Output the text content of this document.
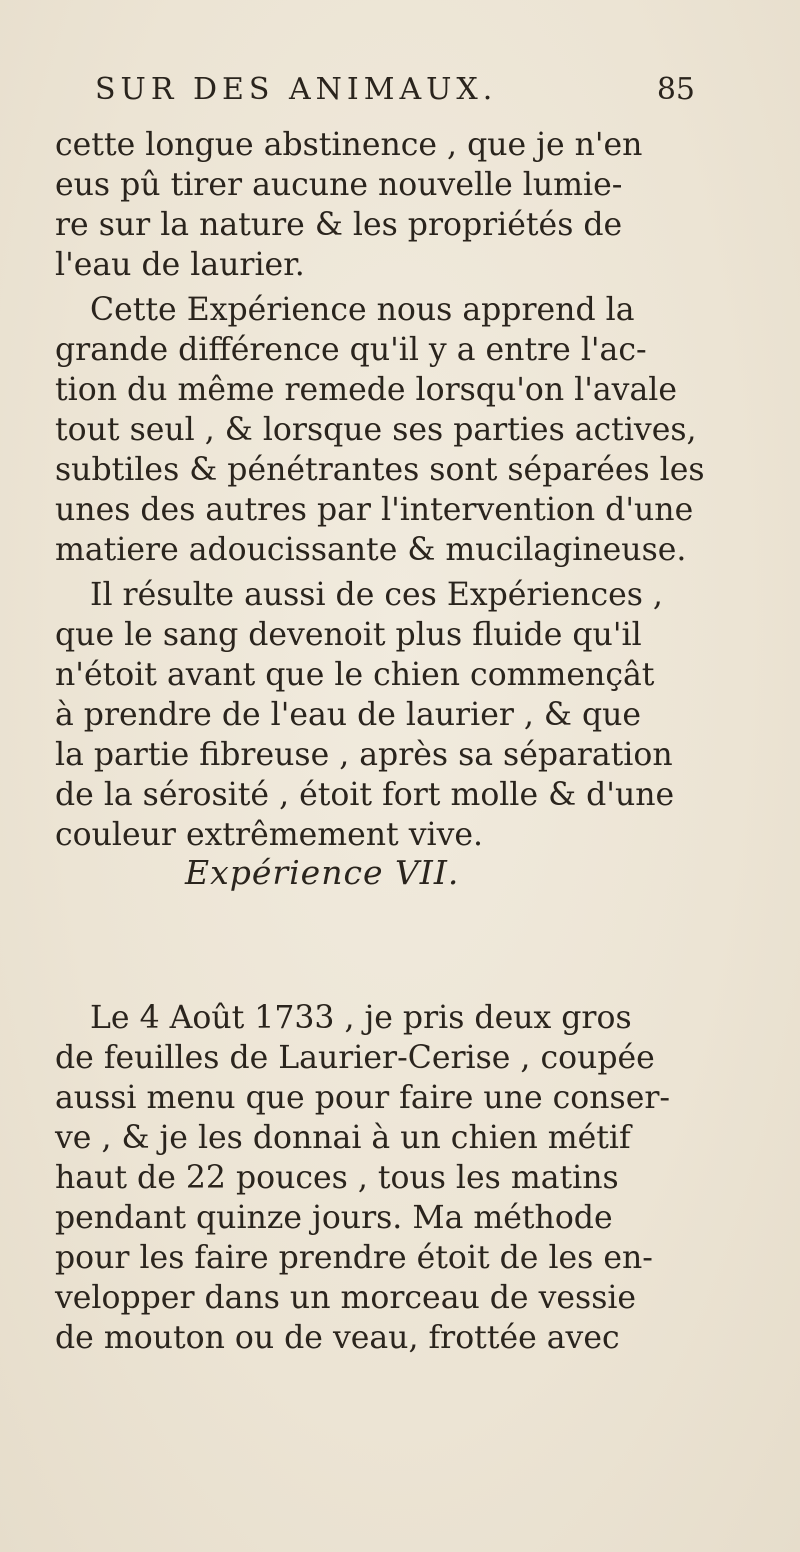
SUR DES ANIMAUX.	85
cette longue abstinence , que je n'en
eus pû tirer aucune nouvelle lumie-
re sur la nature & les propriétés de
l'eau de laurier.
Cette Expérience nous apprend la
grande différence qu'il y a entre l'ac-
tion du même remede lorsqu'on l'avale
tout seul , & lorsque ses parties actives,
subtiles & pénétrantes sont séparées les
unes des autres par l'intervention d'une
matiere adoucissante & mucilagineuse.
Il résulte aussi de ces Expériences ,
que le sang devenoit plus fluide qu'il
n'étoit avant que le chien commençât
à prendre de l'eau de laurier , & que
la partie fibreuse , après sa séparation
de la sérosité , étoit fort molle & d'une
couleur extrêmement vive.
Expérience VII.
Le 4 Août 1733 , je pris deux gros
de feuilles de Laurier-Cerise , coupée
aussi menu que pour faire une conser-
ve , & je les donnai à un chien métif
haut de 22 pouces , tous les matins
pendant quinze jours. Ma méthode
pour les faire prendre étoit de les en-
velopper dans un morceau de vessie
de mouton ou de veau, frottée avec
